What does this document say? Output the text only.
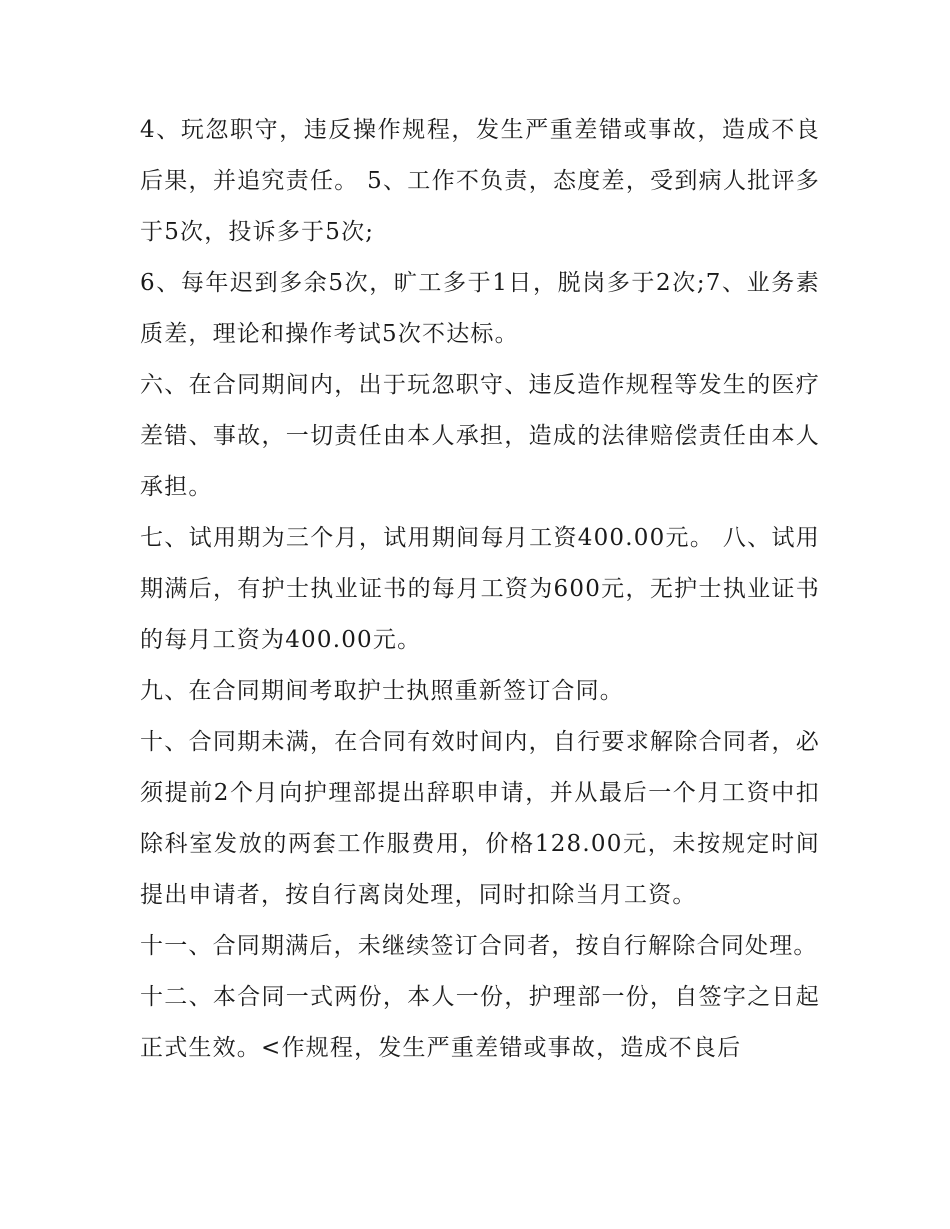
4、玩忽职守，违反操作规程，发生严重差错或事故，造成不良后果，并追究责任。 5、工作不负责，态度差，受到病人批评多于5次，投诉多于5次;

6、每年迟到多余5次，旷工多于1日，脱岗多于2次;7、业务素质差，理论和操作考试5次不达标。

六、在合同期间内，出于玩忽职守、违反造作规程等发生的医疗差错、事故，一切责任由本人承担，造成的法律赔偿责任由本人承担。

七、试用期为三个月，试用期间每月工资400.00元。 八、试用期满后，有护士执业证书的每月工资为600元，无护士执业证书的每月工资为400.00元。

九、在合同期间考取护士执照重新签订合同。

十、合同期未满，在合同有效时间内，自行要求解除合同者，必须提前2个月向护理部提出辞职申请，并从最后一个月工资中扣除科室发放的两套工作服费用，价格128.00元，未按规定时间提出申请者，按自行离岗处理，同时扣除当月工资。

十一、合同期满后，未继续签订合同者，按自行解除合同处理。

十二、本合同一式两份，本人一份，护理部一份，自签字之日起正式生效。<作规程，发生严重差错或事故，造成不良后
